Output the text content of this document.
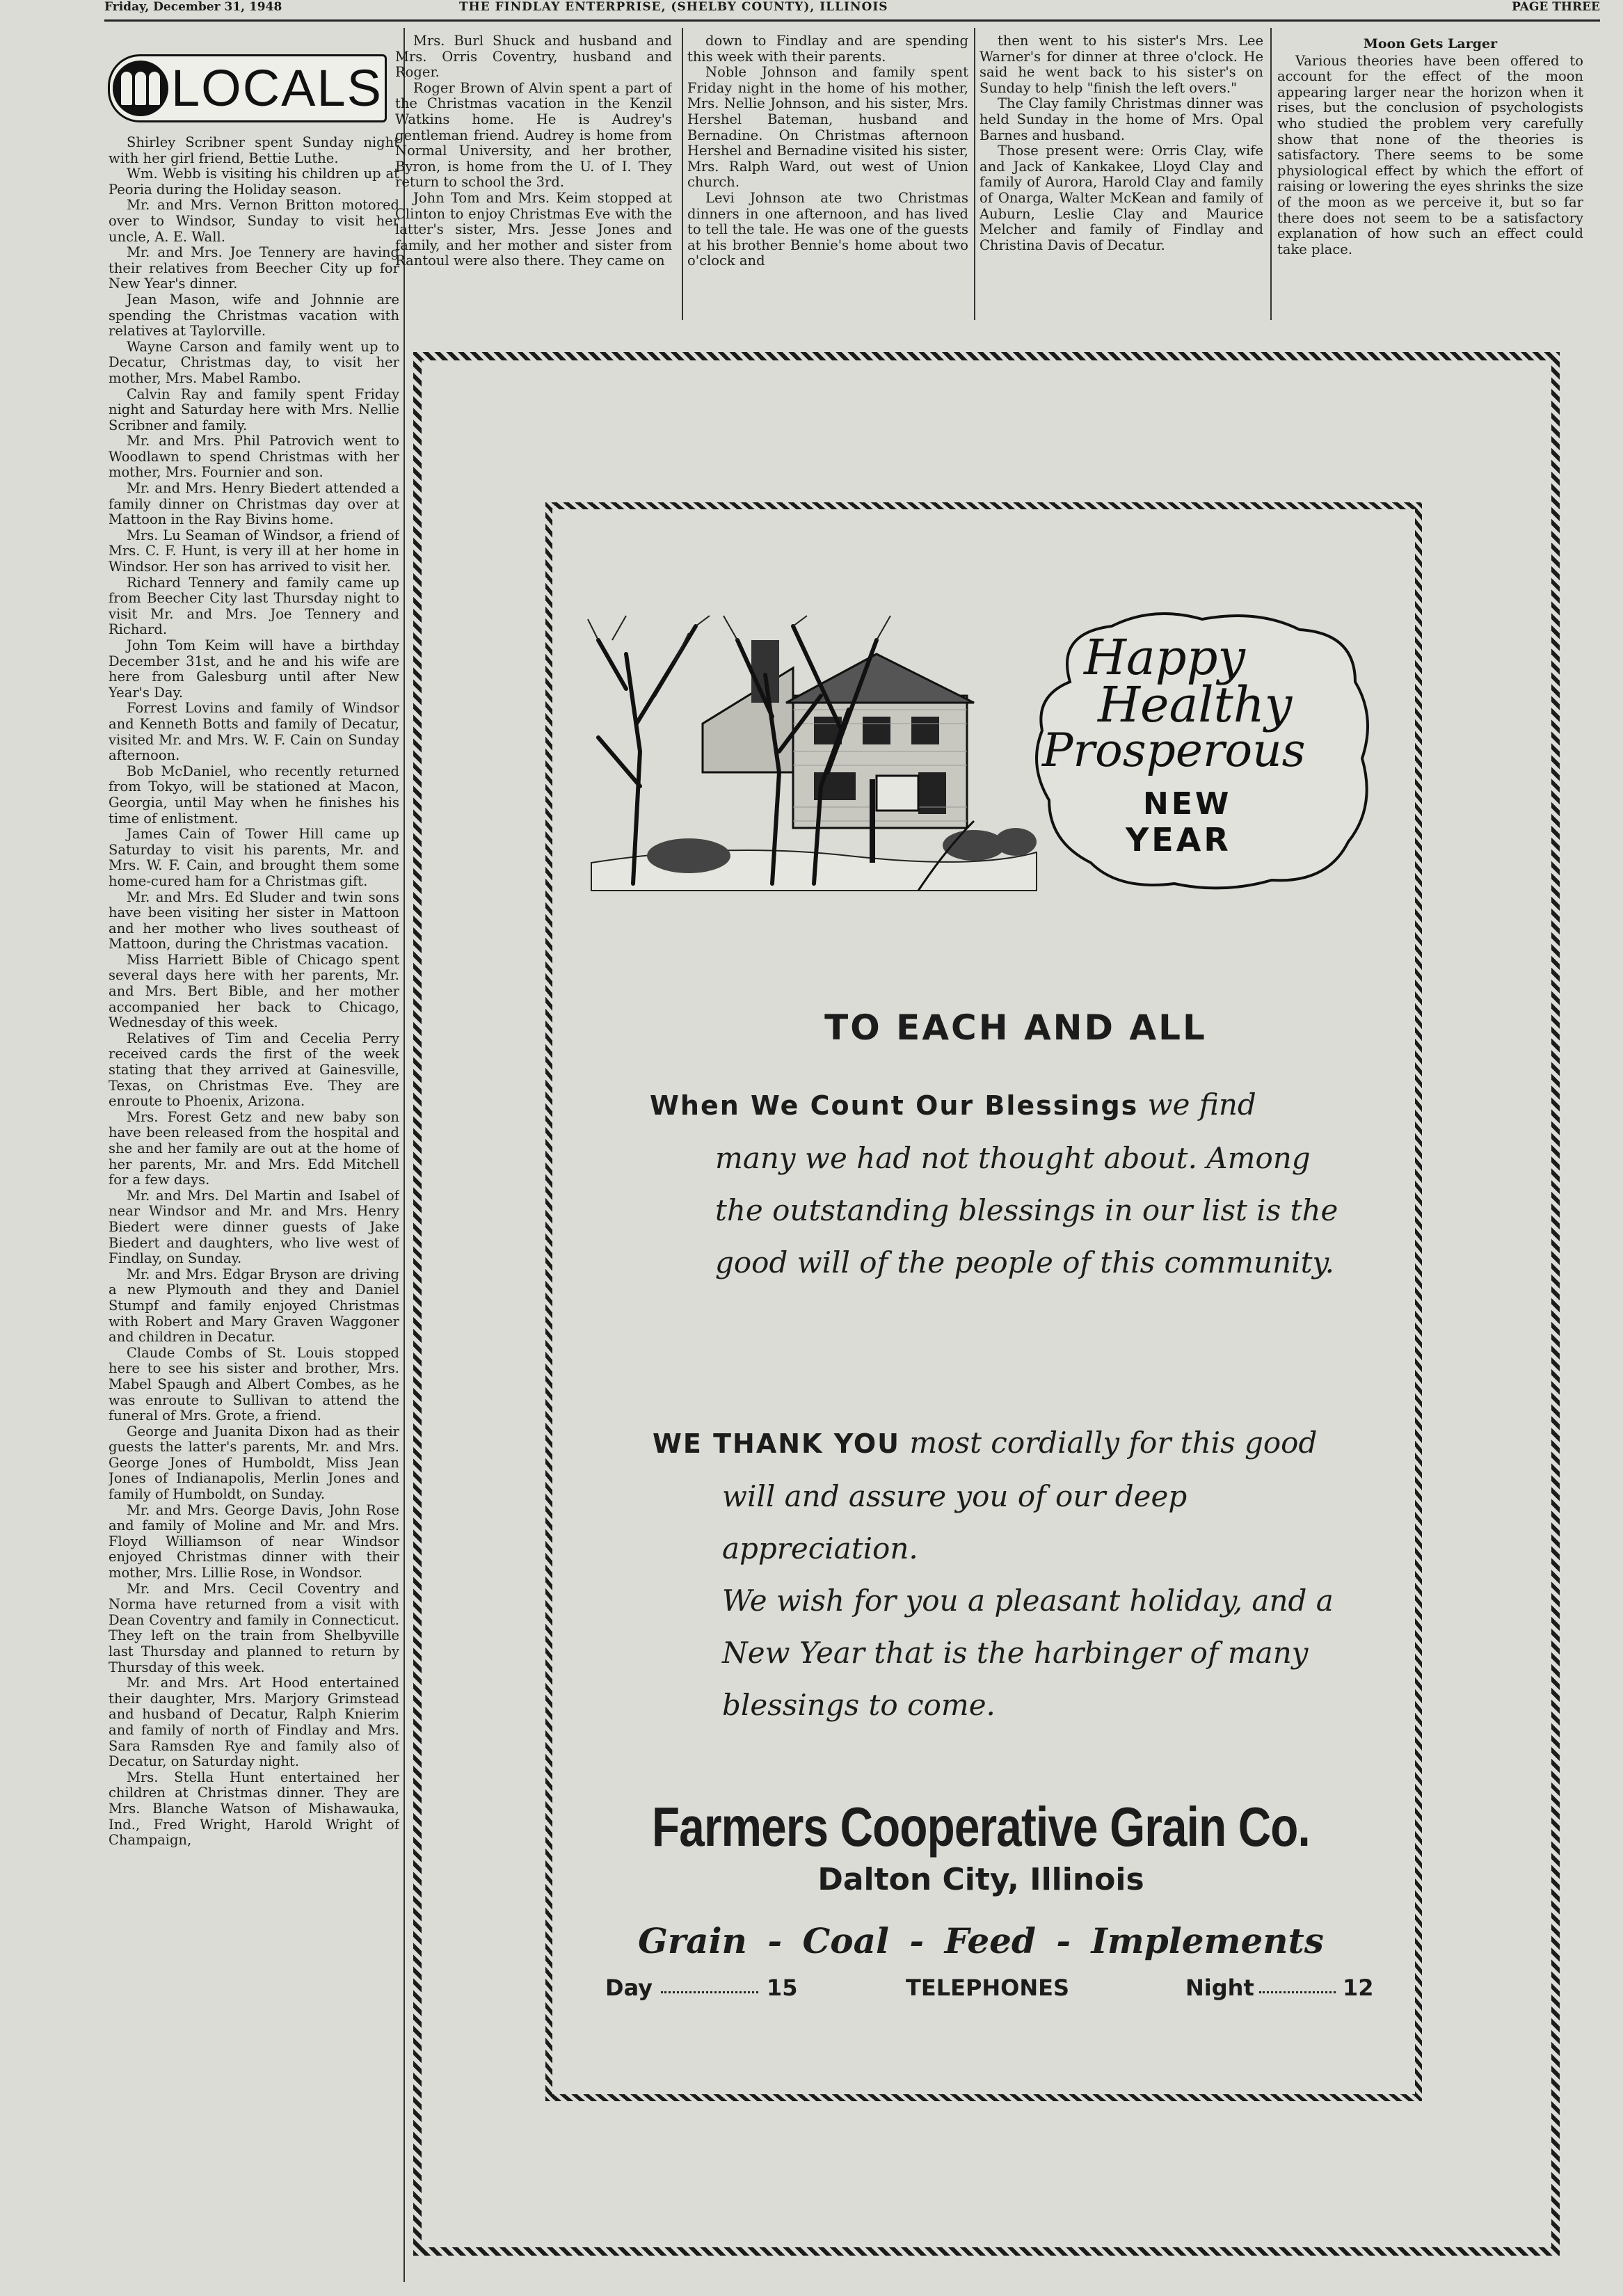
Friday, December 31, 1948	THE FINDLAY ENTERPRISE, (SHELBY COUNTY), ILLINOIS	PAGE THREE
LOCALS

Shirley Scribner spent Sunday night with her girl friend, Bettie Luthe.

Wm. Webb is visiting his children up at Peoria during the Holiday season.

Mr. and Mrs. Vernon Britton motored over to Windsor, Sunday to visit her uncle, A. E. Wall.

Mr. and Mrs. Joe Tennery are having their relatives from Beecher City up for New Year's dinner.

Jean Mason, wife and Johnnie are spending the Christmas vacation with relatives at Taylorville.

Wayne Carson and family went up to Decatur, Christmas day, to visit her mother, Mrs. Mabel Rambo.

Calvin Ray and family spent Friday night and Saturday here with Mrs. Nellie Scribner and family.

Mr. and Mrs. Phil Patrovich went to Woodlawn to spend Christmas with her mother, Mrs. Fournier and son.

Mr. and Mrs. Henry Biedert attended a family dinner on Christmas day over at Mattoon in the Ray Bivins home.

Mrs. Lu Seaman of Windsor, a friend of Mrs. C. F. Hunt, is very ill at her home in Windsor. Her son has arrived to visit her.

Richard Tennery and family came up from Beecher City last Thursday night to visit Mr. and Mrs. Joe Tennery and Richard.

John Tom Keim will have a birthday December 31st, and he and his wife are here from Galesburg until after New Year's Day.

Forrest Lovins and family of Windsor and Kenneth Botts and family of Decatur, visited Mr. and Mrs. W. F. Cain on Sunday afternoon.

Bob McDaniel, who recently returned from Tokyo, will be stationed at Macon, Georgia, until May when he finishes his time of enlistment.

James Cain of Tower Hill came up Saturday to visit his parents, Mr. and Mrs. W. F. Cain, and brought them some home-cured ham for a Christmas gift.

Mr. and Mrs. Ed Sluder and twin sons have been visiting her sister in Mattoon and her mother who lives southeast of Mattoon, during the Christmas vacation.

Miss Harriett Bible of Chicago spent several days here with her parents, Mr. and Mrs. Bert Bible, and her mother accompanied her back to Chicago, Wednesday of this week.

Relatives of Tim and Cecelia Perry received cards the first of the week stating that they arrived at Gainesville, Texas, on Christmas Eve. They are enroute to Phoenix, Arizona.

Mrs. Forest Getz and new baby son have been released from the hospital and she and her family are out at the home of her parents, Mr. and Mrs. Edd Mitchell for a few days.

Mr. and Mrs. Del Martin and Isabel of near Windsor and Mr. and Mrs. Henry Biedert were dinner guests of Jake Biedert and daughters, who live west of Findlay, on Sunday.

Mr. and Mrs. Edgar Bryson are driving a new Plymouth and they and Daniel Stumpf and family enjoyed Christmas with Robert and Mary Graven Waggoner and children in Decatur.

Claude Combs of St. Louis stopped here to see his sister and brother, Mrs. Mabel Spaugh and Albert Combes, as he was enroute to Sullivan to attend the funeral of Mrs. Grote, a friend.

George and Juanita Dixon had as their guests the latter's parents, Mr. and Mrs. George Jones of Humboldt, Miss Jean Jones of Indianapolis, Merlin Jones and family of Humboldt, on Sunday.

Mr. and Mrs. George Davis, John Rose and family of Moline and Mr. and Mrs. Floyd Williamson of near Windsor enjoyed Christmas dinner with their mother, Mrs. Lillie Rose, in Wondsor.

Mr. and Mrs. Cecil Coventry and Norma have returned from a visit with Dean Coventry and family in Connecticut. They left on the train from Shelbyville last Thursday and planned to return by Thursday of this week.

Mr. and Mrs. Art Hood entertained their daughter, Mrs. Marjory Grimstead and husband of Decatur, Ralph Knierim and family of north of Findlay and Mrs. Sara Ramsden Rye and family also of Decatur, on Saturday night.

Mrs. Stella Hunt entertained her children at Christmas dinner. They are Mrs. Blanche Watson of Mishawauka, Ind., Fred Wright, Harold Wright of Champaign,

Mrs. Burl Shuck and husband and Mrs. Orris Coventry, husband and Roger.

Roger Brown of Alvin spent a part of the Christmas vacation in the Kenzil Watkins home. He is Audrey's gentleman friend. Audrey is home from Normal University, and her brother, Byron, is home from the U. of I. They return to school the 3rd.

John Tom and Mrs. Keim stopped at Clinton to enjoy Christmas Eve with the latter's sister, Mrs. Jesse Jones and family, and her mother and sister from Rantoul were also there. They came on

down to Findlay and are spending this week with their parents.

Noble Johnson and family spent Friday night in the home of his mother, Mrs. Nellie Johnson, and his sister, Mrs. Hershel Bateman, husband and Bernadine. On Christmas afternoon Hershel and Bernadine visited his sister, Mrs. Ralph Ward, out west of Union church.

Levi Johnson ate two Christmas dinners in one afternoon, and has lived to tell the tale. He was one of the guests at his brother Bennie's home about two o'clock and

then went to his sister's Mrs. Lee Warner's for dinner at three o'clock. He said he went back to his sister's on Sunday to help "finish the left overs."

The Clay family Christmas dinner was held Sunday in the home of Mrs. Opal Barnes and husband.

Those present were: Orris Clay, wife and Jack of Kankakee, Lloyd Clay and family of Aurora, Harold Clay and family of Onarga, Walter McKean and family of Auburn, Leslie Clay and Maurice Melcher and family of Findlay and Christina Davis of Decatur.

Moon Gets Larger

Various theories have been offered to account for the effect of the moon appearing larger near the horizon when it rises, but the conclusion of psychologists who studied the problem very carefully show that none of the theories is satisfactory. There seems to be some physiological effect by which the effort of raising or lowering the eyes shrinks the size of the moon as we perceive it, but so far there does not seem to be a satisfactory explanation of how such an effect could take place.

Happy
Healthy
Prosperous
NEW
YEAR
TO EACH AND ALL
When We Count Our Blessings we find
many we had not thought about. Among
the outstanding blessings in our list is the
good will of the people of this community.
WE THANK YOU most cordially for this good
will and assure you of our deep appreciation.
We wish for you a pleasant holiday, and a
New Year that is the harbinger of many
blessings to come.
Farmers Cooperative Grain Co.
Dalton City, Illinois
Grain - Coal - Feed - Implements
Day	15	TELEPHONES	Night	12
